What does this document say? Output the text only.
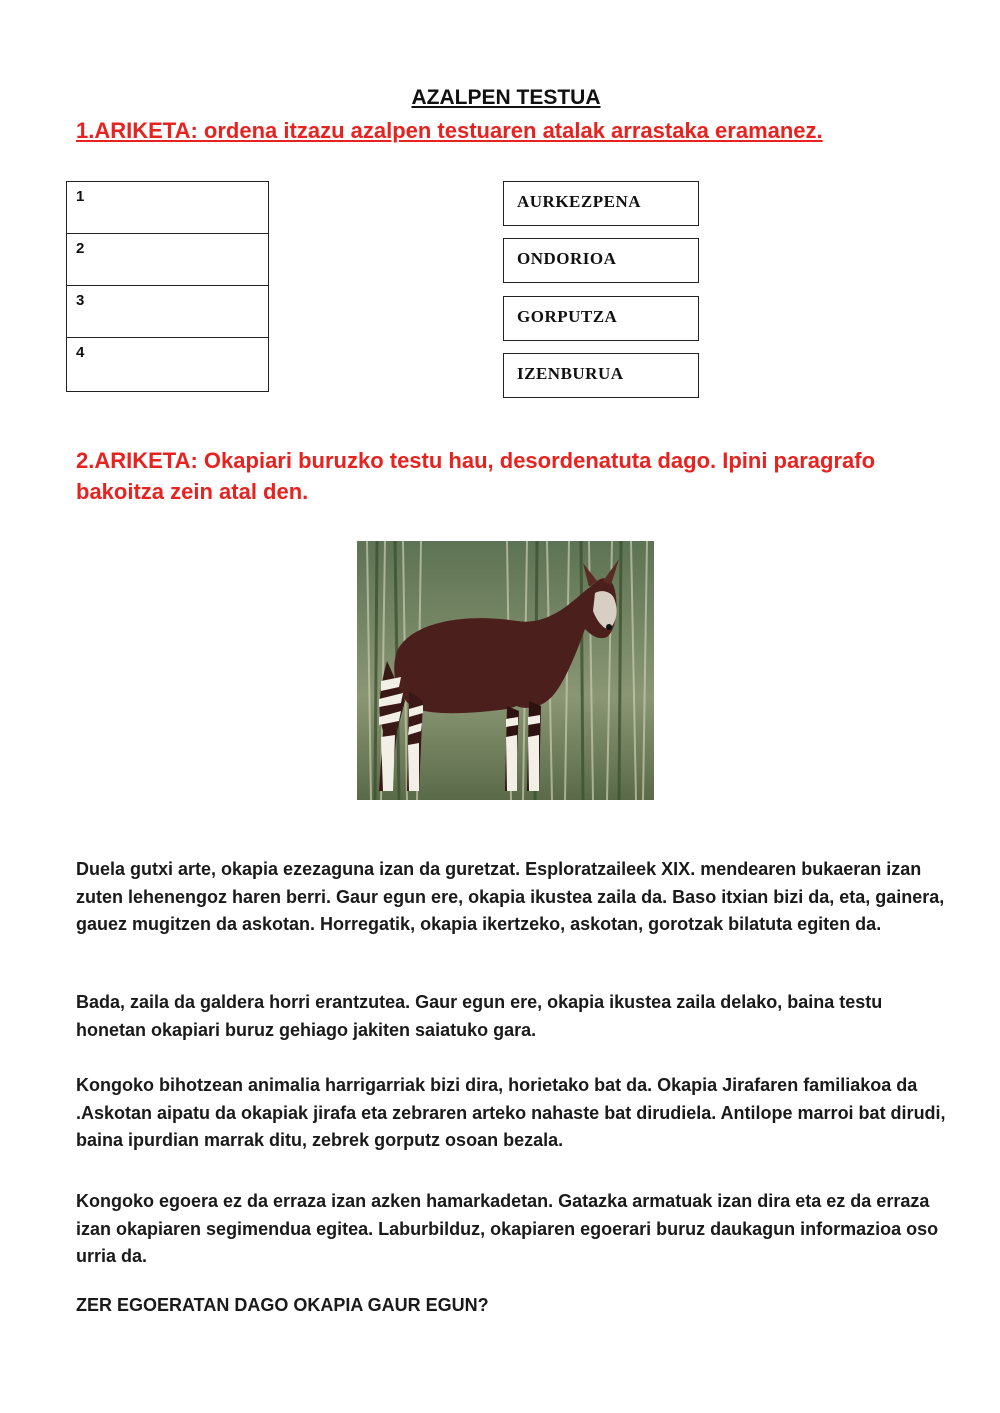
AZALPEN TESTUA

1.ARIKETA: ordena itzazu azalpen testuaren atalak arrastaka eramanez.

1
2
3
4
AURKEZPENA
ONDORIOA
GORPUTZA
IZENBURUA

2.ARIKETA: Okapiari buruzko testu hau, desordenatuta dago. Ipini paragrafo bakoitza zein atal den.

Duela gutxi arte, okapia ezezaguna izan da guretzat. Esploratzaileek XIX. mendearen bukaeran izan zuten lehenengoz haren berri. Gaur egun ere, okapia ikustea zaila da. Baso itxian bizi da, eta, gainera, gauez mugitzen da askotan. Horregatik, okapia ikertzeko, askotan, gorotzak bilatuta egiten da.

Bada, zaila da galdera horri erantzutea. Gaur egun ere, okapia ikustea zaila delako, baina testu honetan okapiari buruz gehiago jakiten saiatuko gara.

Kongoko bihotzean animalia harrigarriak bizi dira, horietako bat da. Okapia Jirafaren familiakoa da .Askotan aipatu da okapiak jirafa eta zebraren arteko nahaste bat dirudiela. Antilope marroi bat dirudi, baina ipurdian marrak ditu, zebrek gorputz osoan bezala.

Kongoko egoera ez da erraza izan azken hamarkadetan. Gatazka armatuak izan dira eta ez da erraza izan okapiaren segimendua egitea. Laburbilduz, okapiaren egoerari buruz daukagun informazioa oso urria da.

ZER EGOERATAN DAGO OKAPIA GAUR EGUN?
